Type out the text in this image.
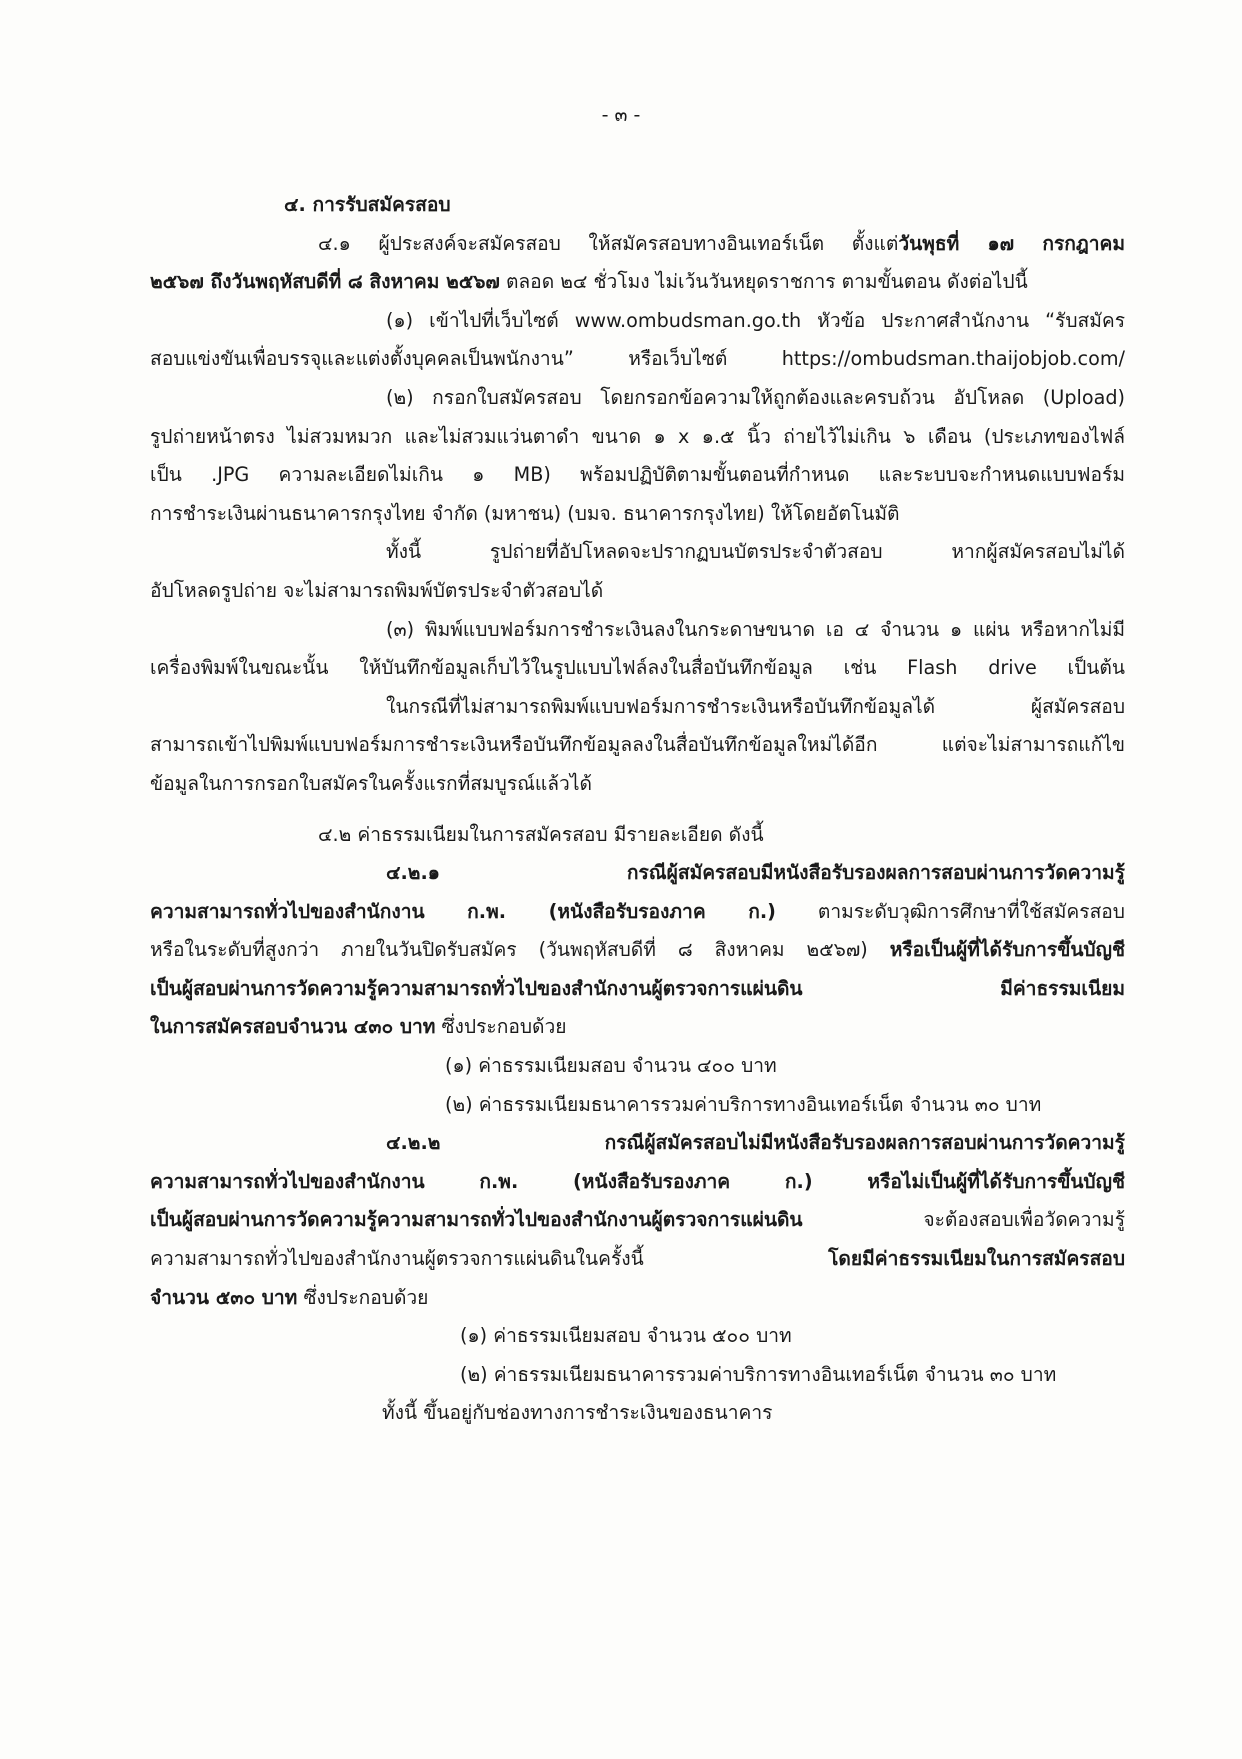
- ๓ -
๔. การรับสมัครสอบ
๔.๑ ผู้ประสงค์จะสมัครสอบ ให้สมัครสอบทางอินเทอร์เน็ต ตั้งแต่วันพุธที่ ๑๗ กรกฎาคม
๒๕๖๗ ถึงวันพฤหัสบดีที่ ๘ สิงหาคม ๒๕๖๗ ตลอด ๒๔ ชั่วโมง ไม่เว้นวันหยุดราชการ ตามขั้นตอน ดังต่อไปนี้
(๑) เข้าไปที่เว็บไซต์ www.ombudsman.go.th หัวข้อ ประกาศสำนักงาน “รับสมัคร
สอบแข่งขันเพื่อบรรจุและแต่งตั้งบุคคลเป็นพนักงาน” หรือเว็บไซต์ https://ombudsman.thaijobjob.com/
(๒) กรอกใบสมัครสอบ โดยกรอกข้อความให้ถูกต้องและครบถ้วน อัปโหลด (Upload)
รูปถ่ายหน้าตรง ไม่สวมหมวก และไม่สวมแว่นตาดำ ขนาด ๑ x ๑.๕ นิ้ว ถ่ายไว้ไม่เกิน ๖ เดือน (ประเภทของไฟล์
เป็น .JPG ความละเอียดไม่เกิน ๑ MB) พร้อมปฏิบัติตามขั้นตอนที่กำหนด และระบบจะกำหนดแบบฟอร์ม
การชำระเงินผ่านธนาคารกรุงไทย จำกัด (มหาชน) (บมจ. ธนาคารกรุงไทย) ให้โดยอัตโนมัติ
ทั้งนี้ รูปถ่ายที่อัปโหลดจะปรากฏบนบัตรประจำตัวสอบ หากผู้สมัครสอบไม่ได้
อัปโหลดรูปถ่าย จะไม่สามารถพิมพ์บัตรประจำตัวสอบได้
(๓) พิมพ์แบบฟอร์มการชำระเงินลงในกระดาษขนาด เอ ๔ จำนวน ๑ แผ่น หรือหากไม่มี
เครื่องพิมพ์ในขณะนั้น ให้บันทึกข้อมูลเก็บไว้ในรูปแบบไฟล์ลงในสื่อบันทึกข้อมูล เช่น Flash drive เป็นต้น
ในกรณีที่ไม่สามารถพิมพ์แบบฟอร์มการชำระเงินหรือบันทึกข้อมูลได้ ผู้สมัครสอบ
สามารถเข้าไปพิมพ์แบบฟอร์มการชำระเงินหรือบันทึกข้อมูลลงในสื่อบันทึกข้อมูลใหม่ได้อีก แต่จะไม่สามารถแก้ไข
ข้อมูลในการกรอกใบสมัครในครั้งแรกที่สมบูรณ์แล้วได้
๔.๒ ค่าธรรมเนียมในการสมัครสอบ มีรายละเอียด ดังนี้
๔.๒.๑ กรณีผู้สมัครสอบมีหนังสือรับรองผลการสอบผ่านการวัดความรู้
ความสามารถทั่วไปของสำนักงาน ก.พ. (หนังสือรับรองภาค ก.) ตามระดับวุฒิการศึกษาที่ใช้สมัครสอบ
หรือในระดับที่สูงกว่า ภายในวันปิดรับสมัคร (วันพฤหัสบดีที่ ๘ สิงหาคม ๒๕๖๗) หรือเป็นผู้ที่ได้รับการขึ้นบัญชี
เป็นผู้สอบผ่านการวัดความรู้ความสามารถทั่วไปของสำนักงานผู้ตรวจการแผ่นดิน มีค่าธรรมเนียม
ในการสมัครสอบจำนวน ๔๓๐ บาท ซึ่งประกอบด้วย
(๑) ค่าธรรมเนียมสอบ จำนวน ๔๐๐ บาท
(๒) ค่าธรรมเนียมธนาคารรวมค่าบริการทางอินเทอร์เน็ต จำนวน ๓๐ บาท
๔.๒.๒ กรณีผู้สมัครสอบไม่มีหนังสือรับรองผลการสอบผ่านการวัดความรู้
ความสามารถทั่วไปของสำนักงาน ก.พ. (หนังสือรับรองภาค ก.) หรือไม่เป็นผู้ที่ได้รับการขึ้นบัญชี
เป็นผู้สอบผ่านการวัดความรู้ความสามารถทั่วไปของสำนักงานผู้ตรวจการแผ่นดิน จะต้องสอบเพื่อวัดความรู้
ความสามารถทั่วไปของสำนักงานผู้ตรวจการแผ่นดินในครั้งนี้ โดยมีค่าธรรมเนียมในการสมัครสอบ
จำนวน ๕๓๐ บาท ซึ่งประกอบด้วย
(๑) ค่าธรรมเนียมสอบ จำนวน ๕๐๐ บาท
(๒) ค่าธรรมเนียมธนาคารรวมค่าบริการทางอินเทอร์เน็ต จำนวน ๓๐ บาท
ทั้งนี้ ขึ้นอยู่กับช่องทางการชำระเงินของธนาคาร
